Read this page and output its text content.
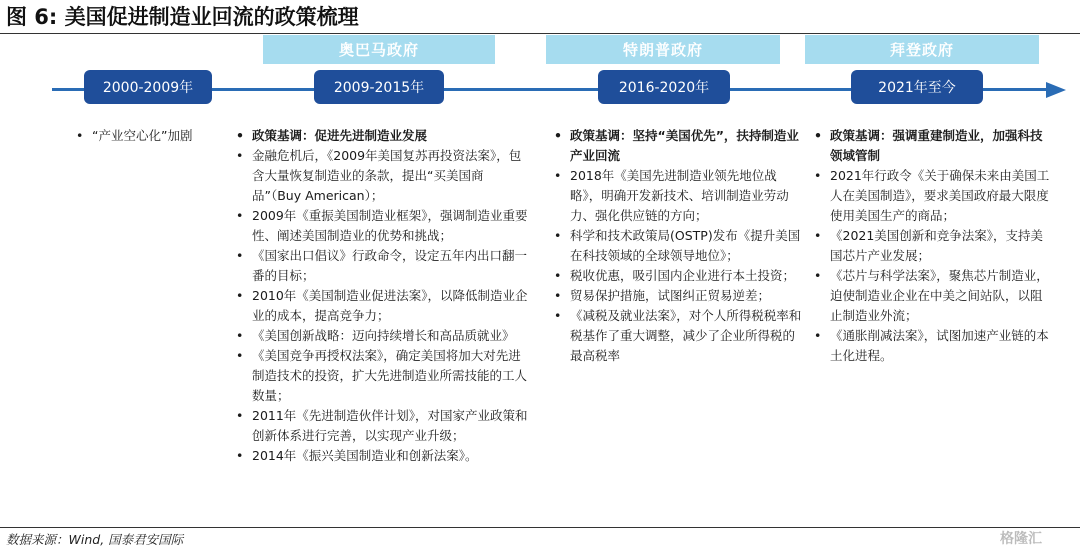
图 6: 美国促进制造业回流的政策梳理
奥巴马政府	特朗普政府	拜登政府
2000-2009年	2009-2015年	2016-2020年	2021年至今
• “产业空心化”加剧
•	政策基调：促进先进制造业发展
• 金融危机后，《2009年美国复苏再投资法案》，包含大量恢复制造业的条款，提出“买美国商品”（Buy American）；
• 2009年《重振美国制造业框架》，强调制造业重要性、阐述美国制造业的优势和挑战；
• 《国家出口倡议》行政命令，设定五年内出口翻一番的目标；
• 2010年《美国制造业促进法案》，以降低制造业企业的成本，提高竞争力；
• 《美国创新战略：迈向持续增长和高品质就业》
• 《美国竞争再授权法案》，确定美国将加大对先进制造技术的投资，扩大先进制造业所需技能的工人数量；
• 2011年《先进制造伙伴计划》，对国家产业政策和创新体系进行完善，以实现产业升级；
• 2014年《振兴美国制造业和创新法案》。
• 政策基调：坚持“美国优先”，扶持制造业产业回流
• 2018年《美国先进制造业领先地位战略》，明确开发新技术、培训制造业劳动力、强化供应链的方向；
• 科学和技术政策局(OSTP)发布《提升美国在科技领域的全球领导地位》；
• 税收优惠，吸引国内企业进行本土投资；
• 贸易保护措施，试图纠正贸易逆差；
• 《减税及就业法案》，对个人所得税税率和税基作了重大调整，减少了企业所得税的最高税率
• 政策基调：强调重建制造业，加强科技领域管制
• 2021年行政令《关于确保未来由美国工人在美国制造》，要求美国政府最大限度使用美国生产的商品；
• 《2021美国创新和竞争法案》，支持美国芯片产业发展；
• 《芯片与科学法案》，聚焦芯片制造业，迫使制造业企业在中美之间站队，以阻止制造业外流；
• 《通胀削减法案》，试图加速产业链的本土化进程。
数据来源：Wind, 国泰君安国际	格隆汇
